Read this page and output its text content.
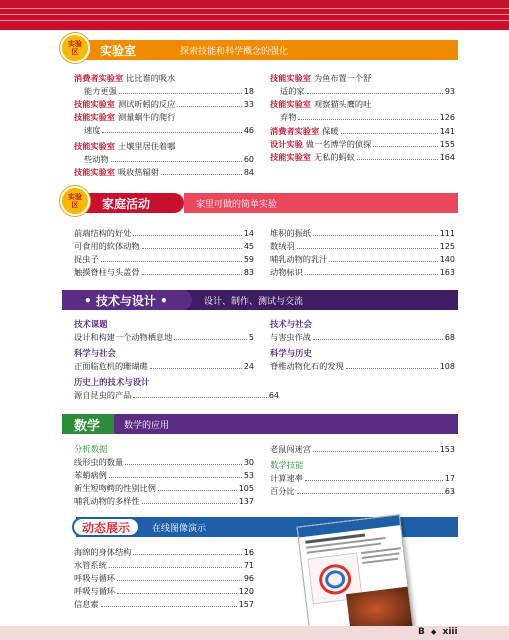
实验室	探索技能和科学概念的强化
实验
区
消费者实验室 比比谁的吸水
能力更强	18
技能实验室 测试昕蚓的反应	33
技能实验室 测量蜗牛的爬行
速度	46
技能实验室 土壤里居住着哪
些动物	60
技能实验室 吸收热辐射	84
技能实验室 为鱼布置一个舒
适的家	93
技能实验室 观察猫头鹰的吐
弃物	126
消费者实验室 保暖	141
设计实验 做一名博学的侦探	155
技能实验室 无私的蚂蚁	164
家庭活动	家里可做的简单实验
实验
区
前端结构的好处	14
可食用的软体动物	45
捉虫子	59
触摸脊柱与头盖骨	83
堆积的振纸	111
数绒羽	125
哺乳动物的乳汁	140
动物标识	163
• 技术与设计 •	设计、制作、测试与交流
技术课题
设计和构建一个动物栖息地	5
科学与社会
正面临危机的珊瑚礁	24
历史上的技术与设计
源自昆虫的产品	64
技术与社会
与害虫作战	68
科学与历史
脊椎动物化石的发现	108
数学	数学的应用
分析数据
线形虫的数量	30
苯蛸病例	53
新生短吻鳄的性别比例	105
哺乳动物的多样性	137
老鼠闯迷宫	153
数学技能
计算速率	17
百分比	63
动态展示	在线图像演示
海绵的身体结构	16
水管系统	71
呼吸与循环	96
呼吸与循环	120
信息素	157
B ◆ xiii
